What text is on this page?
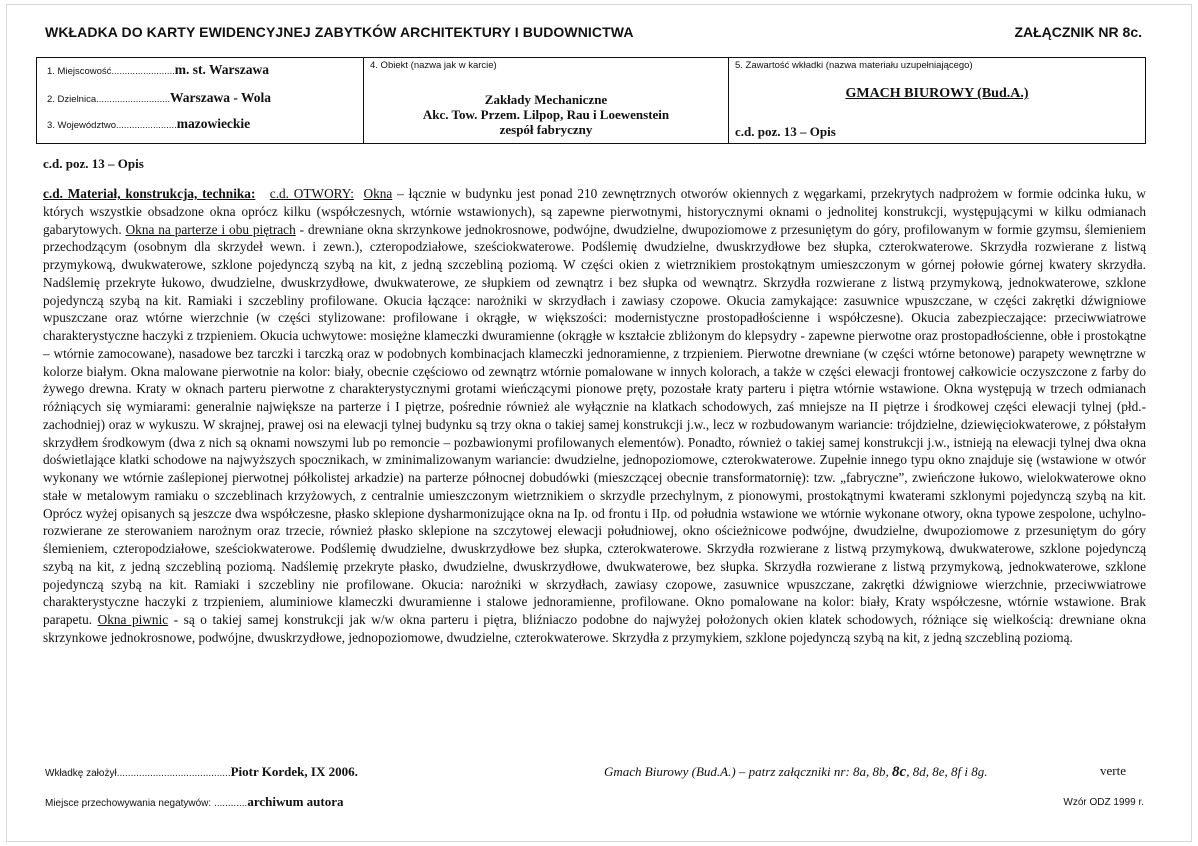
WKŁADKA DO KARTY EWIDENCYJNEJ ZABYTKÓW ARCHITEKTURY I BUDOWNICTWA	ZAŁĄCZNIK NR 8c.
1. Miejscowość........................m. st. Warszawa
2. Dzielnica............................Warszawa - Wola
3. Województwo.......................mazowieckie
4. Obiekt (nazwa jak w karcie)
Zakłady Mechaniczne
Akc. Tow. Przem. Lilpop, Rau i Loewenstein
zespół fabryczny
5. Zawartość wkładki (nazwa materiału uzupełniającego)
GMACH BIUROWY (Bud.A.)
c.d. poz. 13 – Opis
c.d. poz. 13 – Opis
c.d. Materiał, konstrukcja, technika: c.d. OTWORY: Okna – łącznie w budynku jest ponad 210 zewnętrznych otworów okiennych z węgarkami, przekrytych nadprożem w formie odcinka łuku, w których wszystkie obsadzone okna oprócz kilku (współczesnych, wtórnie wstawionych), są zapewne pierwotnymi, historycznymi oknami o jednolitej konstrukcji, występującymi w kilku odmianach gabarytowych. Okna na parterze i obu piętrach - drewniane okna skrzynkowe jednokrosnowe, podwójne, dwudzielne, dwupoziomowe z przesuniętym do góry, profilowanym w formie gzymsu, ślemieniem przechodzącym (osobnym dla skrzydeł wewn. i zewn.), czteropodziałowe, sześciokwaterowe. Podślemię dwudzielne, dwuskrzydłowe bez słupka, czterokwaterowe. Skrzydła rozwierane z listwą przymykową, dwukwaterowe, szklone pojedynczą szybą na kit, z jedną szczebliną poziomą. W części okien z wietrznikiem prostokątnym umieszczonym w górnej połowie górnej kwatery skrzydła. Nadślemię przekryte łukowo, dwudzielne, dwuskrzydłowe, dwukwaterowe, ze słupkiem od zewnątrz i bez słupka od wewnątrz. Skrzydła rozwierane z listwą przymykową, jednokwaterowe, szklone pojedynczą szybą na kit. Ramiaki i szczebliny profilowane. Okucia łączące: narożniki w skrzydłach i zawiasy czopowe. Okucia zamykające: zasuwnice wpuszczane, w części zakrętki dźwigniowe wpuszczane oraz wtórne wierzchnie (w części stylizowane: profilowane i okrągłe, w większości: modernistyczne prostopadłościenne i współczesne). Okucia zabezpieczające: przeciwwiatrowe charakterystyczne haczyki z trzpieniem. Okucia uchwytowe: mosiężne klameczki dwuramienne (okrągłe w kształcie zbliżonym do klepsydry - zapewne pierwotne oraz prostopadłościenne, obłe i prostokątne – wtórnie zamocowane), nasadowe bez tarczki i tarczką oraz w podobnych kombinacjach klameczki jednoramienne, z trzpieniem. Pierwotne drewniane (w części wtórne betonowe) parapety wewnętrzne w kolorze białym. Okna malowane pierwotnie na kolor: biały, obecnie częściowo od zewnątrz wtórnie pomalowane w innych kolorach, a także w części elewacji frontowej całkowicie oczyszczone z farby do żywego drewna. Kraty w oknach parteru pierwotne z charakterystycznymi grotami wieńczącymi pionowe pręty, pozostałe kraty parteru i piętra wtórnie wstawione. Okna występują w trzech odmianach różniących się wymiarami: generalnie największe na parterze i I piętrze, pośrednie również ale wyłącznie na klatkach schodowych, zaś mniejsze na II piętrze i środkowej części elewacji tylnej (płd.-zachodniej) oraz w wykuszu. W skrajnej, prawej osi na elewacji tylnej budynku są trzy okna o takiej samej konstrukcji j.w., lecz w rozbudowanym wariancie: trójdzielne, dziewięciokwaterowe, z półstałym skrzydłem środkowym (dwa z nich są oknami nowszymi lub po remoncie – pozbawionymi profilowanych elementów). Ponadto, również o takiej samej konstrukcji j.w., istnieją na elewacji tylnej dwa okna doświetlające klatki schodowe na najwyższych spocznikach, w zminimalizowanym wariancie: dwudzielne, jednopoziomowe, czterokwaterowe. Zupełnie innego typu okno znajduje się (wstawione w otwór wykonany we wtórnie zaślepionej pierwotnej półkolistej arkadzie) na parterze północnej dobudówki (mieszczącej obecnie transformatornię): tzw. „fabryczne”, zwieńczone łukowo, wielokwaterowe okno stałe w metalowym ramiaku o szczeblinach krzyżowych, z centralnie umieszczonym wietrznikiem o skrzydle przechylnym, z pionowymi, prostokątnymi kwaterami szklonymi pojedynczą szybą na kit. Oprócz wyżej opisanych są jeszcze dwa współczesne, płasko sklepione dysharmonizujące okna na Ip. od frontu i IIp. od południa wstawione we wtórnie wykonane otwory, okna typowe zespolone, uchylno-rozwierane ze sterowaniem narożnym oraz trzecie, również płasko sklepione na szczytowej elewacji południowej, okno ościeżnicowe podwójne, dwudzielne, dwupoziomowe z przesuniętym do góry ślemieniem, czteropodziałowe, sześciokwaterowe. Podślemię dwudzielne, dwuskrzydłowe bez słupka, czterokwaterowe. Skrzydła rozwierane z listwą przymykową, dwukwaterowe, szklone pojedynczą szybą na kit, z jedną szczebliną poziomą. Nadślemię przekryte płasko, dwudzielne, dwuskrzydłowe, dwukwaterowe, bez słupka. Skrzydła rozwierane z listwą przymykową, jednokwaterowe, szklone pojedynczą szybą na kit. Ramiaki i szczebliny nie profilowane. Okucia: narożniki w skrzydłach, zawiasy czopowe, zasuwnice wpuszczane, zakrętki dźwigniowe wierzchnie, przeciwwiatrowe charakterystyczne haczyki z trzpieniem, aluminiowe klameczki dwuramienne i stalowe jednoramienne, profilowane. Okno pomalowane na kolor: biały, Kraty współczesne, wtórnie wstawione. Brak parapetu. Okna piwnic - są o takiej samej konstrukcji jak w/w okna parteru i piętra, bliźniaczo podobne do najwyżej położonych okien klatek schodowych, różniące się wielkością: drewniane okna skrzynkowe jednokrosnowe, podwójne, dwuskrzydłowe, jednopoziomowe, dwudzielne, czterokwaterowe. Skrzydła z przymykiem, szklone pojedynczą szybą na kit, z jedną szczebliną poziomą.
Wkładkę założył.........................................Piotr Kordek, IX 2006.	Gmach Biurowy (Bud.A.) – patrz załączniki nr: 8a, 8b, 8c, 8d, 8e, 8f i 8g.	verte
Miejsce przechowywania negatywów: ............archiwum autora	Wzór ODZ 1999 r.
